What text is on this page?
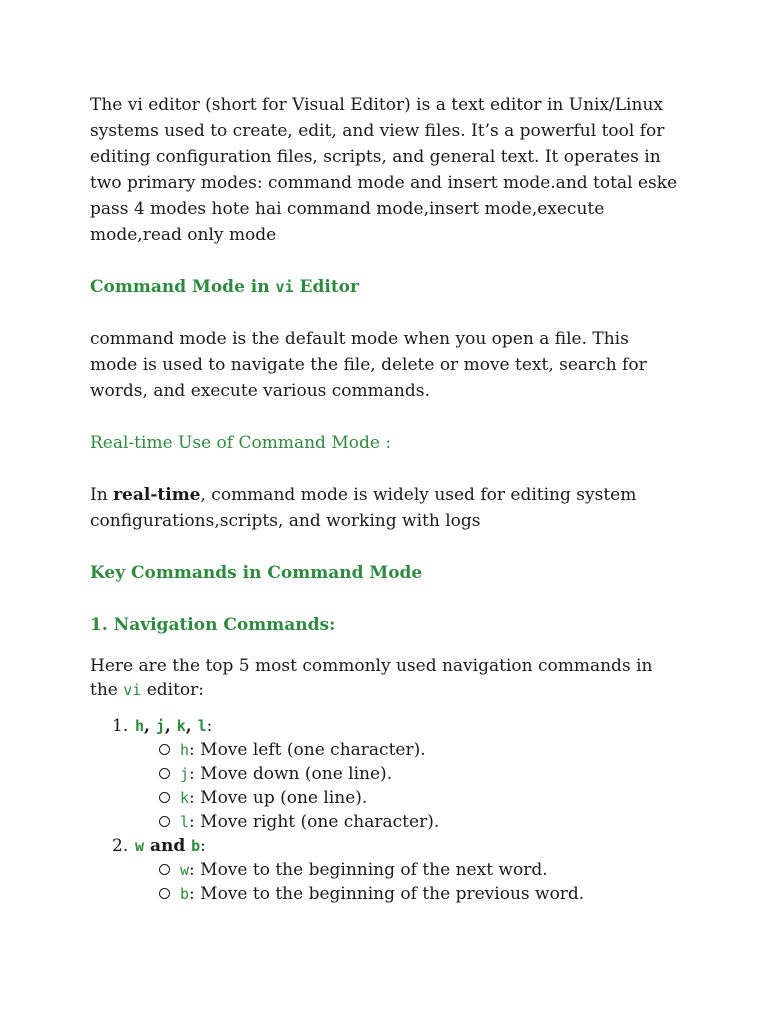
The vi editor (short for Visual Editor) is a text editor in Unix/Linux systems used to create, edit, and view files. It’s a powerful tool for editing configuration files, scripts, and general text. It operates in two primary modes: command mode and insert mode.and total eske pass 4 modes hote hai command mode,insert mode,execute mode,read only mode

Command Mode in vi Editor

command mode is the default mode when you open a file. This mode is used to navigate the file, delete or move text, search for words, and execute various commands.

Real-time Use of Command Mode :

In real-time, command mode is widely used for editing system configurations,scripts, and working with logs

Key Commands in Command Mode

1. Navigation Commands:

Here are the top 5 most commonly used navigation commands in the vi editor:

1. h, j, k, l:
h: Move left (one character).
j: Move down (one line).
k: Move up (one line).
l: Move right (one character).
2. w and b:
w: Move to the beginning of the next word.
b: Move to the beginning of the previous word.
